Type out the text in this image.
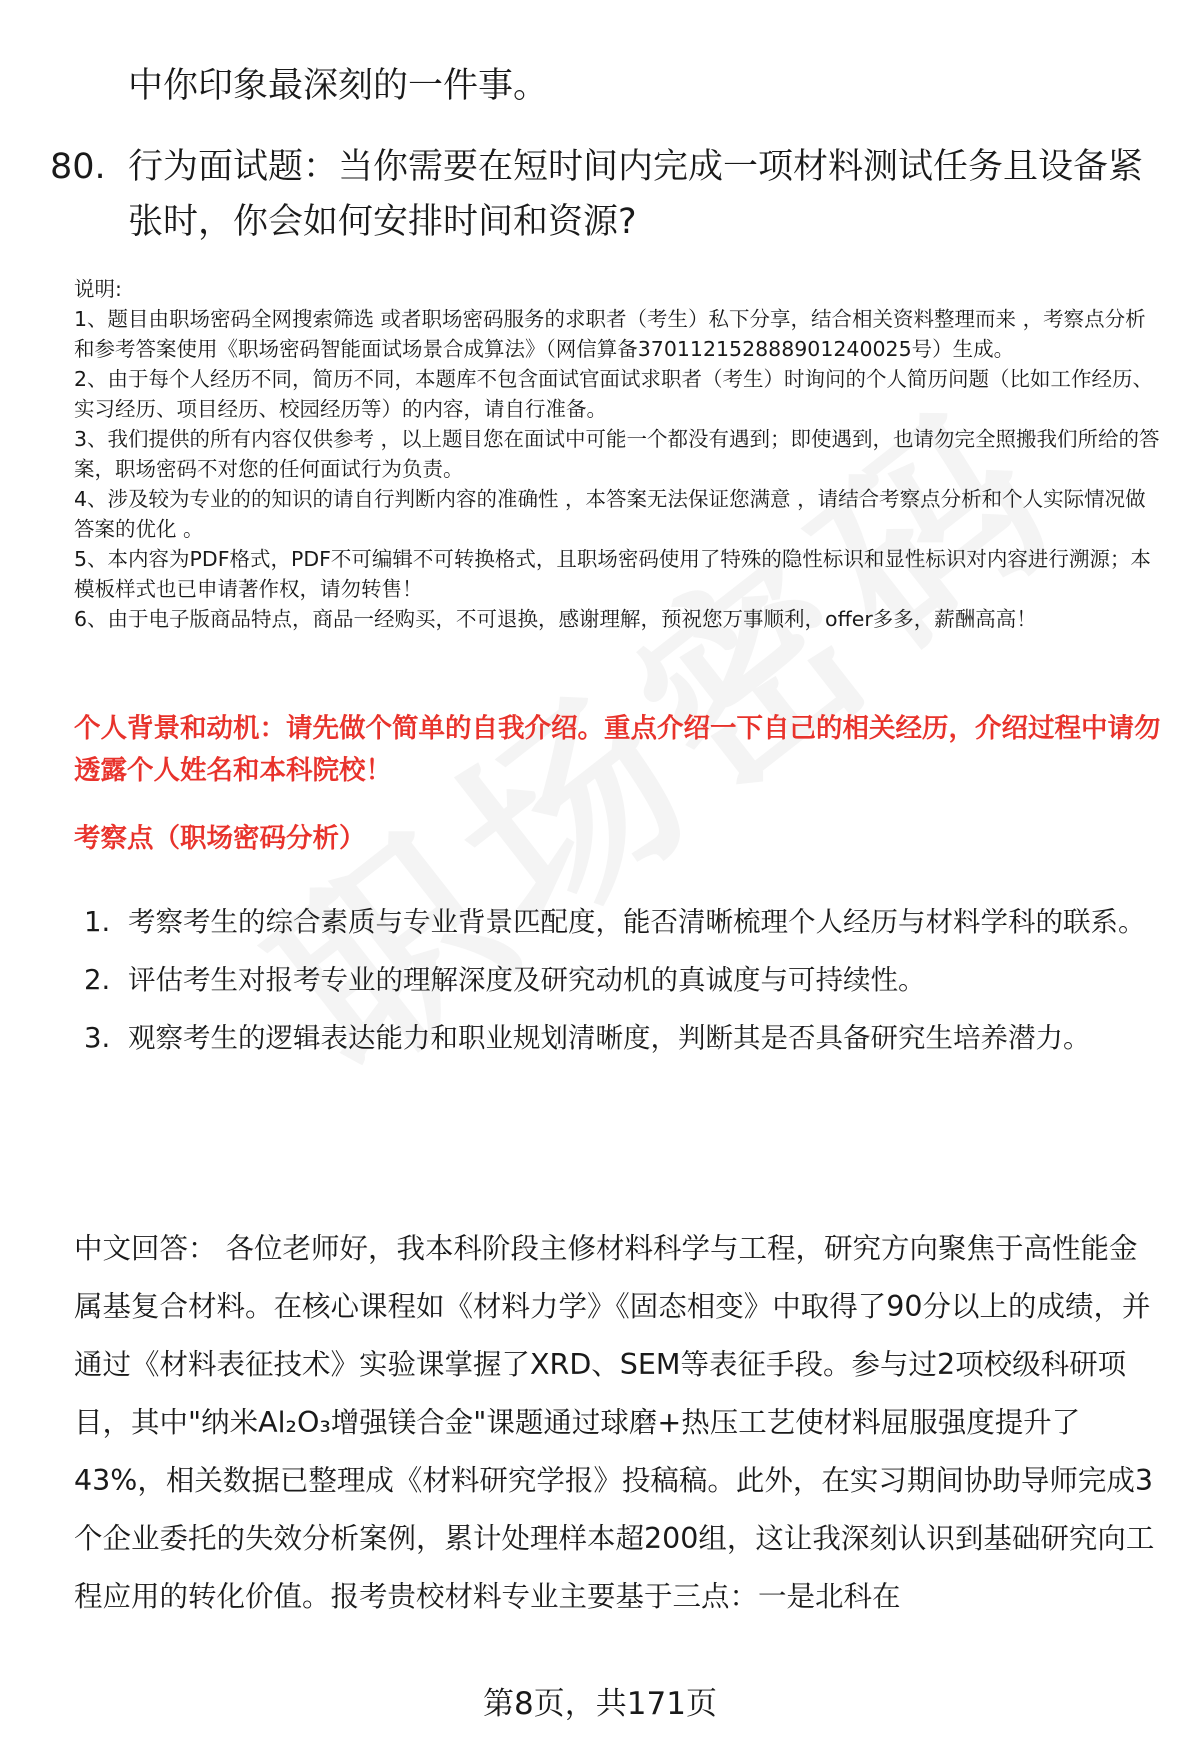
中你印象最深刻的一件事。
80. 行为面试题：当你需要在短时间内完成一项材料测试任务且设备紧张时，你会如何安排时间和资源?

说明:

1、题目由职场密码全网搜索筛选 或者职场密码服务的求职者（考生）私下分享，结合相关资料整理而来 ，考察点分析和参考答案使用《职场密码智能面试场景合成算法》（网信算备370112152888901240025号）生成。

2、由于每个人经历不同，简历不同，本题库不包含面试官面试求职者（考生）时询问的个人简历问题（比如工作经历、实习经历、项目经历、校园经历等）的内容，请自行准备。

3、我们提供的所有内容仅供参考 ，以上题目您在面试中可能一个都没有遇到；即使遇到，也请勿完全照搬我们所给的答案，职场密码不对您的任何面试行为负责。

4、涉及较为专业的的知识的请自行判断内容的准确性 ，本答案无法保证您满意 ，请结合考察点分析和个人实际情况做答案的优化 。

5、本内容为PDF格式，PDF不可编辑不可转换格式，且职场密码使用了特殊的隐性标识和显性标识对内容进行溯源；本模板样式也已申请著作权，请勿转售！

6、由于电子版商品特点，商品一经购买，不可退换，感谢理解，预祝您万事顺利，offer多多，薪酬高高！

个人背景和动机：请先做个简单的自我介绍。重点介绍一下自己的相关经历，介绍过程中请勿透露个人姓名和本科院校！
考察点（职场密码分析）
1. 考察考生的综合素质与专业背景匹配度，能否清晰梳理个人经历与材料学科的联系。
2. 评估考生对报考专业的理解深度及研究动机的真诚度与可持续性。
3. 观察考生的逻辑表达能力和职业规划清晰度，判断其是否具备研究生培养潜力。

中文回答： 各位老师好，我本科阶段主修材料科学与工程，研究方向聚焦于高性能金属基复合材料。在核心课程如《材料力学》《固态相变》中取得了90分以上的成绩，并通过《材料表征技术》实验课掌握了XRD、SEM等表征手段。参与过2项校级科研项目，其中"纳米Al₂O₃增强镁合金"课题通过球磨+热压工艺使材料屈服强度提升了43%，相关数据已整理成《材料研究学报》投稿稿。此外，在实习期间协助导师完成3个企业委托的失效分析案例，累计处理样本超200组，这让我深刻认识到基础研究向工程应用的转化价值。报考贵校材料专业主要基于三点：一是北科在

第8页，共171页
